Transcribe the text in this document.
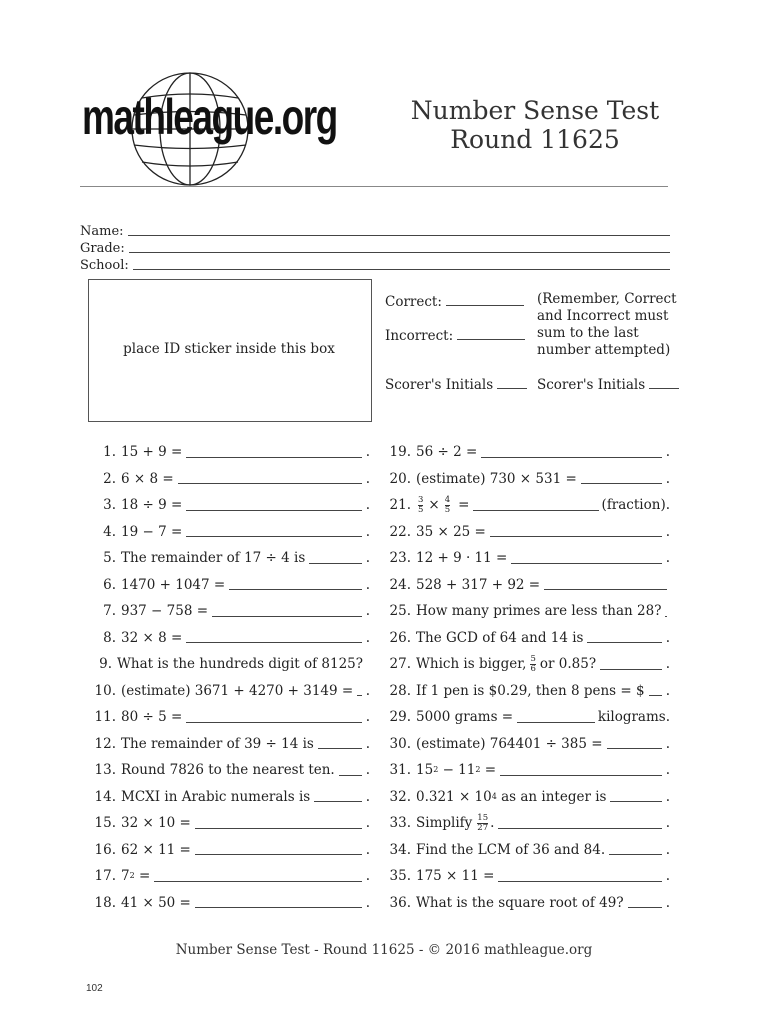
mathleague.org	Number Sense Test
Round 11625
Name:
Grade:
School:
place ID sticker inside this box
Correct:
Incorrect:
(Remember, Correct and Incorrect must sum to the last number attempted)
Scorer's Initials	Scorer's Initials
1. 15 + 9 =	.
2. 6 × 8 =	.
3. 18 ÷ 9 =	.
4. 19 − 7 =	.
5. The remainder of 17 ÷ 4 is	.
6. 1470 + 1047 =	.
7. 937 − 758 =	.
8. 32 × 8 =	.
9. What is the hundreds digit of 8125?
10. (estimate) 3671 + 4270 + 3149 = .
11. 80 ÷ 5 =	.
12. The remainder of 39 ÷ 14 is	.
13. Round 7826 to the nearest ten. .
14. MCXI in Arabic numerals is	.
15. 32 × 10 =	.
16. 62 × 11 =	.
17. 7 2 =	.
18. 41 × 50 =	.
19. 56 ÷ 2 =	.
20. (estimate) 730 × 531 =	.
21. $\frac{3}{5} \times \frac{4}{5}$ =	(fraction).
22. 35 × 25 =	.
23. 12 + 9 · 11 =	.
24. 528 + 317 + 92 =
25. How many primes are less than 28?
26. The GCD of 64 and 14 is	.
27. Which is bigger, $\frac{5}{6}$ or 0.85?	.
28. If 1 pen is $0.29, then 8 pens = $ .
29. 5000 grams =	kilograms.
30. (estimate) 764401 ÷ 385 =	.
31. 15 2 − 11 2 =	.
32. 0.321 × 10 4 as an integer is	.
33. Simplify $\frac{15}{27}$ .	.
34. Find the LCM of 36 and 84.	.
35. 175 × 11 =	.
36. What is the square root of 49?	.
Number Sense Test - Round 11625 - © 2016 mathleague.org
102
